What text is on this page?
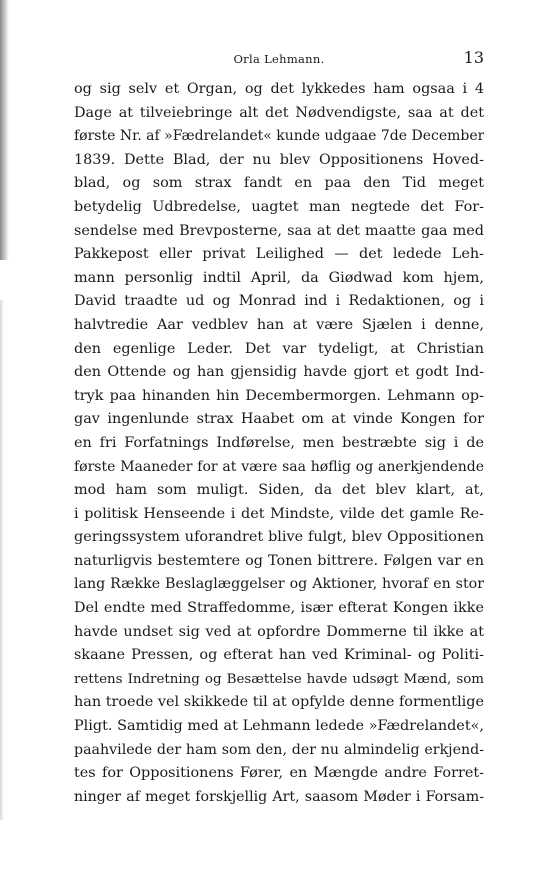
Orla Lehmann.	13
og sig selv et Organ, og det lykkedes ham ogsaa i 4
Dage at tilveiebringe alt det Nødvendigste, saa at det
første Nr. af »Fædrelandet« kunde udgaae 7de December
1839. Dette Blad, der nu blev Oppositionens Hoved-
blad, og som strax fandt en paa den Tid meget
betydelig Udbredelse, uagtet man negtede det For-
sendelse med Brevposterne, saa at det maatte gaa med
Pakkepost eller privat Leilighed — det ledede Leh-
mann personlig indtil April, da Giødwad kom hjem,
David traadte ud og Monrad ind i Redaktionen, og i
halvtredie Aar vedblev han at være Sjælen i denne,
den egenlige Leder. Det var tydeligt, at Christian
den Ottende og han gjensidig havde gjort et godt Ind-
tryk paa hinanden hin Decembermorgen. Lehmann op-
gav ingenlunde strax Haabet om at vinde Kongen for
en fri Forfatnings Indførelse, men bestræbte sig i de
første Maaneder for at være saa høflig og anerkjendende
mod ham som muligt. Siden, da det blev klart, at,
i politisk Henseende i det Mindste, vilde det gamle Re-
geringssystem uforandret blive fulgt, blev Oppositionen
naturligvis bestemtere og Tonen bittrere. Følgen var en
lang Række Beslaglæggelser og Aktioner, hvoraf en stor
Del endte med Straffedomme, især efterat Kongen ikke
havde undset sig ved at opfordre Dommerne til ikke at
skaane Pressen, og efterat han ved Kriminal- og Politi-
rettens Indretning og Besættelse havde udsøgt Mænd, som
han troede vel skikkede til at opfylde denne formentlige
Pligt. Samtidig med at Lehmann ledede »Fædrelandet«,
paahvilede der ham som den, der nu almindelig erkjend-
tes for Oppositionens Fører, en Mængde andre Forret-
ninger af meget forskjellig Art, saasom Møder i Forsam-
